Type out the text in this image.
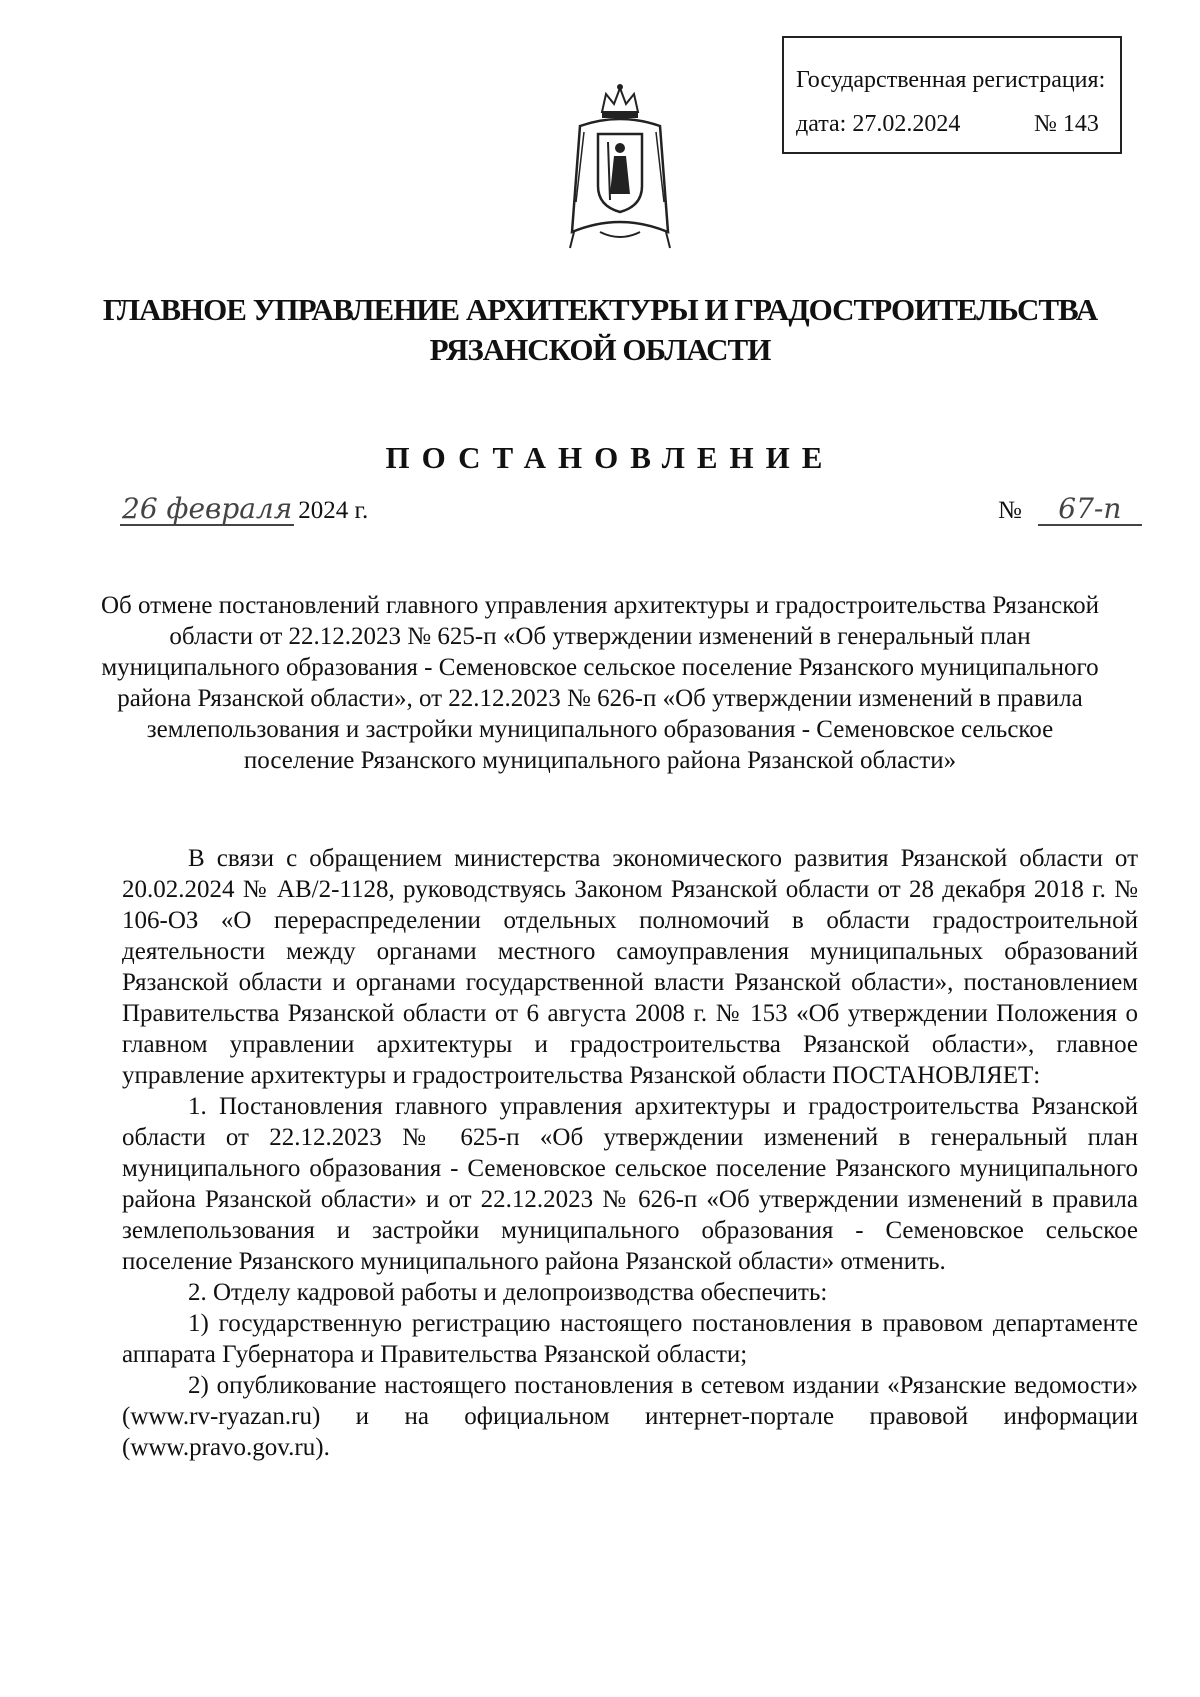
Государственная регистрация:
дата: 27.02.2024	№ 143
ГЛАВНОЕ УПРАВЛЕНИЕ АРХИТЕКТУРЫ И ГРАДОСТРОИТЕЛЬСТВА
РЯЗАНСКОЙ ОБЛАСТИ
ПОСТАНОВЛЕНИЕ
26 февраля 2024 г.	№	67-п
Об отмене постановлений главного управления архитектуры и градостроительства Рязанской области от 22.12.2023 № 625-п «Об утверждении изменений в генеральный план муниципального образования - Семеновское сельское поселение Рязанского муниципального района Рязанской области», от 22.12.2023 № 626-п «Об утверждении изменений в правила землепользования и застройки муниципального образования - Семеновское сельское поселение Рязанского муниципального района Рязанской области»

В связи с обращением министерства экономического развития Рязанской области от 20.02.2024 № АВ/2-1128, руководствуясь Законом Рязанской области от 28 декабря 2018 г. № 106-ОЗ «О перераспределении отдельных полномочий в области градостроительной деятельности между органами местного самоуправления муниципальных образований Рязанской области и органами государственной власти Рязанской области», постановлением Правительства Рязанской области от 6 августа 2008 г. № 153 «Об утверждении Положения о главном управлении архитектуры и градостроительства Рязанской области», главное управление архитектуры и градостроительства Рязанской области ПОСТАНОВЛЯЕТ:

1. Постановления главного управления архитектуры и градостроительства Рязанской области от 22.12.2023 № 625-п «Об утверждении изменений в генеральный план муниципального образования - Семеновское сельское поселение Рязанского муниципального района Рязанской области» и от 22.12.2023 № 626-п «Об утверждении изменений в правила землепользования и застройки муниципального образования - Семеновское сельское поселение Рязанского муниципального района Рязанской области» отменить.

2. Отделу кадровой работы и делопроизводства обеспечить:

1) государственную регистрацию настоящего постановления в правовом департаменте аппарата Губернатора и Правительства Рязанской области;

2) опубликование настоящего постановления в сетевом издании «Рязанские ведомости» (www.rv-ryazan.ru) и на официальном интернет-портале правовой информации (www.pravo.gov.ru).
